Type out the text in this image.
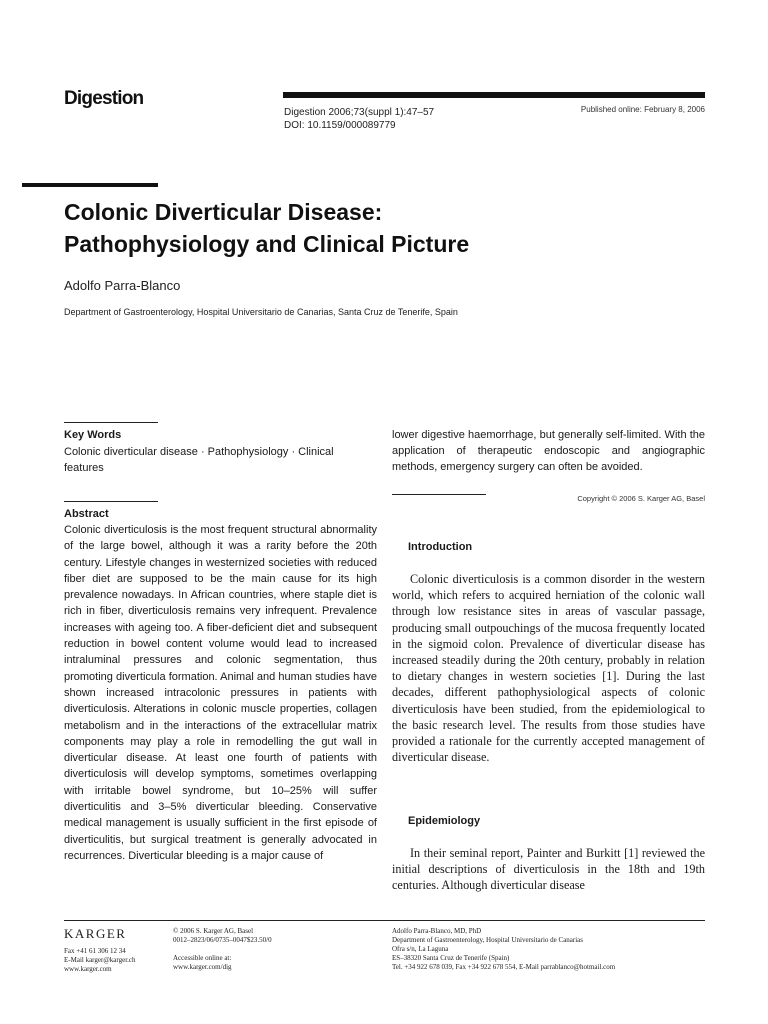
Digestion
Digestion 2006;73(suppl 1):47–57
DOI: 10.1159/000089779
Published online: February 8, 2006
Colonic Diverticular Disease:
Pathophysiology and Clinical Picture
Adolfo Parra-Blanco
Department of Gastroenterology, Hospital Universitario de Canarias, Santa Cruz de Tenerife, Spain
Key Words
Colonic diverticular disease · Pathophysiology · Clinical features
Abstract
Colonic diverticulosis is the most frequent structural abnormality of the large bowel, although it was a rarity before the 20th century. Lifestyle changes in westernized societies with reduced fiber diet are supposed to be the main cause for its high prevalence nowadays. In African countries, where staple diet is rich in fiber, diverticulosis remains very infrequent. Prevalence increases with ageing too. A fiber-deficient diet and subsequent reduction in bowel content volume would lead to increased intraluminal pressures and colonic segmentation, thus promoting diverticula formation. Animal and human studies have shown increased intracolonic pressures in patients with diverticulosis. Alterations in colonic muscle properties, collagen metabolism and in the interactions of the extracellular matrix components may play a role in remodelling the gut wall in diverticular disease. At least one fourth of patients with diverticulosis will develop symptoms, sometimes overlapping with irritable bowel syndrome, but 10–25% will suffer diverticulitis and 3–5% diverticular bleeding. Conservative medical management is usually sufficient in the first episode of diverticulitis, but surgical treatment is generally advocated in recurrences. Diverticular bleeding is a major cause of
lower digestive haemorrhage, but generally self-limited. With the application of therapeutic endoscopic and angiographic methods, emergency surgery can often be avoided.
Copyright © 2006 S. Karger AG, Basel
Introduction
Colonic diverticulosis is a common disorder in the western world, which refers to acquired herniation of the colonic wall through low resistance sites in areas of vascular passage, producing small outpouchings of the mucosa frequently located in the sigmoid colon. Prevalence of diverticular disease has increased steadily during the 20th century, probably in relation to dietary changes in western societies [1]. During the last decades, different pathophysiological aspects of colonic diverticulosis have been studied, from the epidemiological to the basic research level. The results from those studies have provided a rationale for the currently accepted management of diverticular disease.
Epidemiology
In their seminal report, Painter and Burkitt [1] reviewed the initial descriptions of diverticulosis in the 18th and 19th centuries. Although diverticular disease
KARGER
Fax +41 61 306 12 34
E-Mail karger@karger.ch
www.karger.com
© 2006 S. Karger AG, Basel
0012–2823/06/0735–0047$23.50/0
Accessible online at:
www.karger.com/dig
Adolfo Parra-Blanco, MD, PhD
Department of Gastroenterology, Hospital Universitario de Canarias
Ofra s/n, La Laguna
ES–38320 Santa Cruz de Tenerife (Spain)
Tel. +34 922 678 039, Fax +34 922 678 554, E-Mail parrablanco@hotmail.com
